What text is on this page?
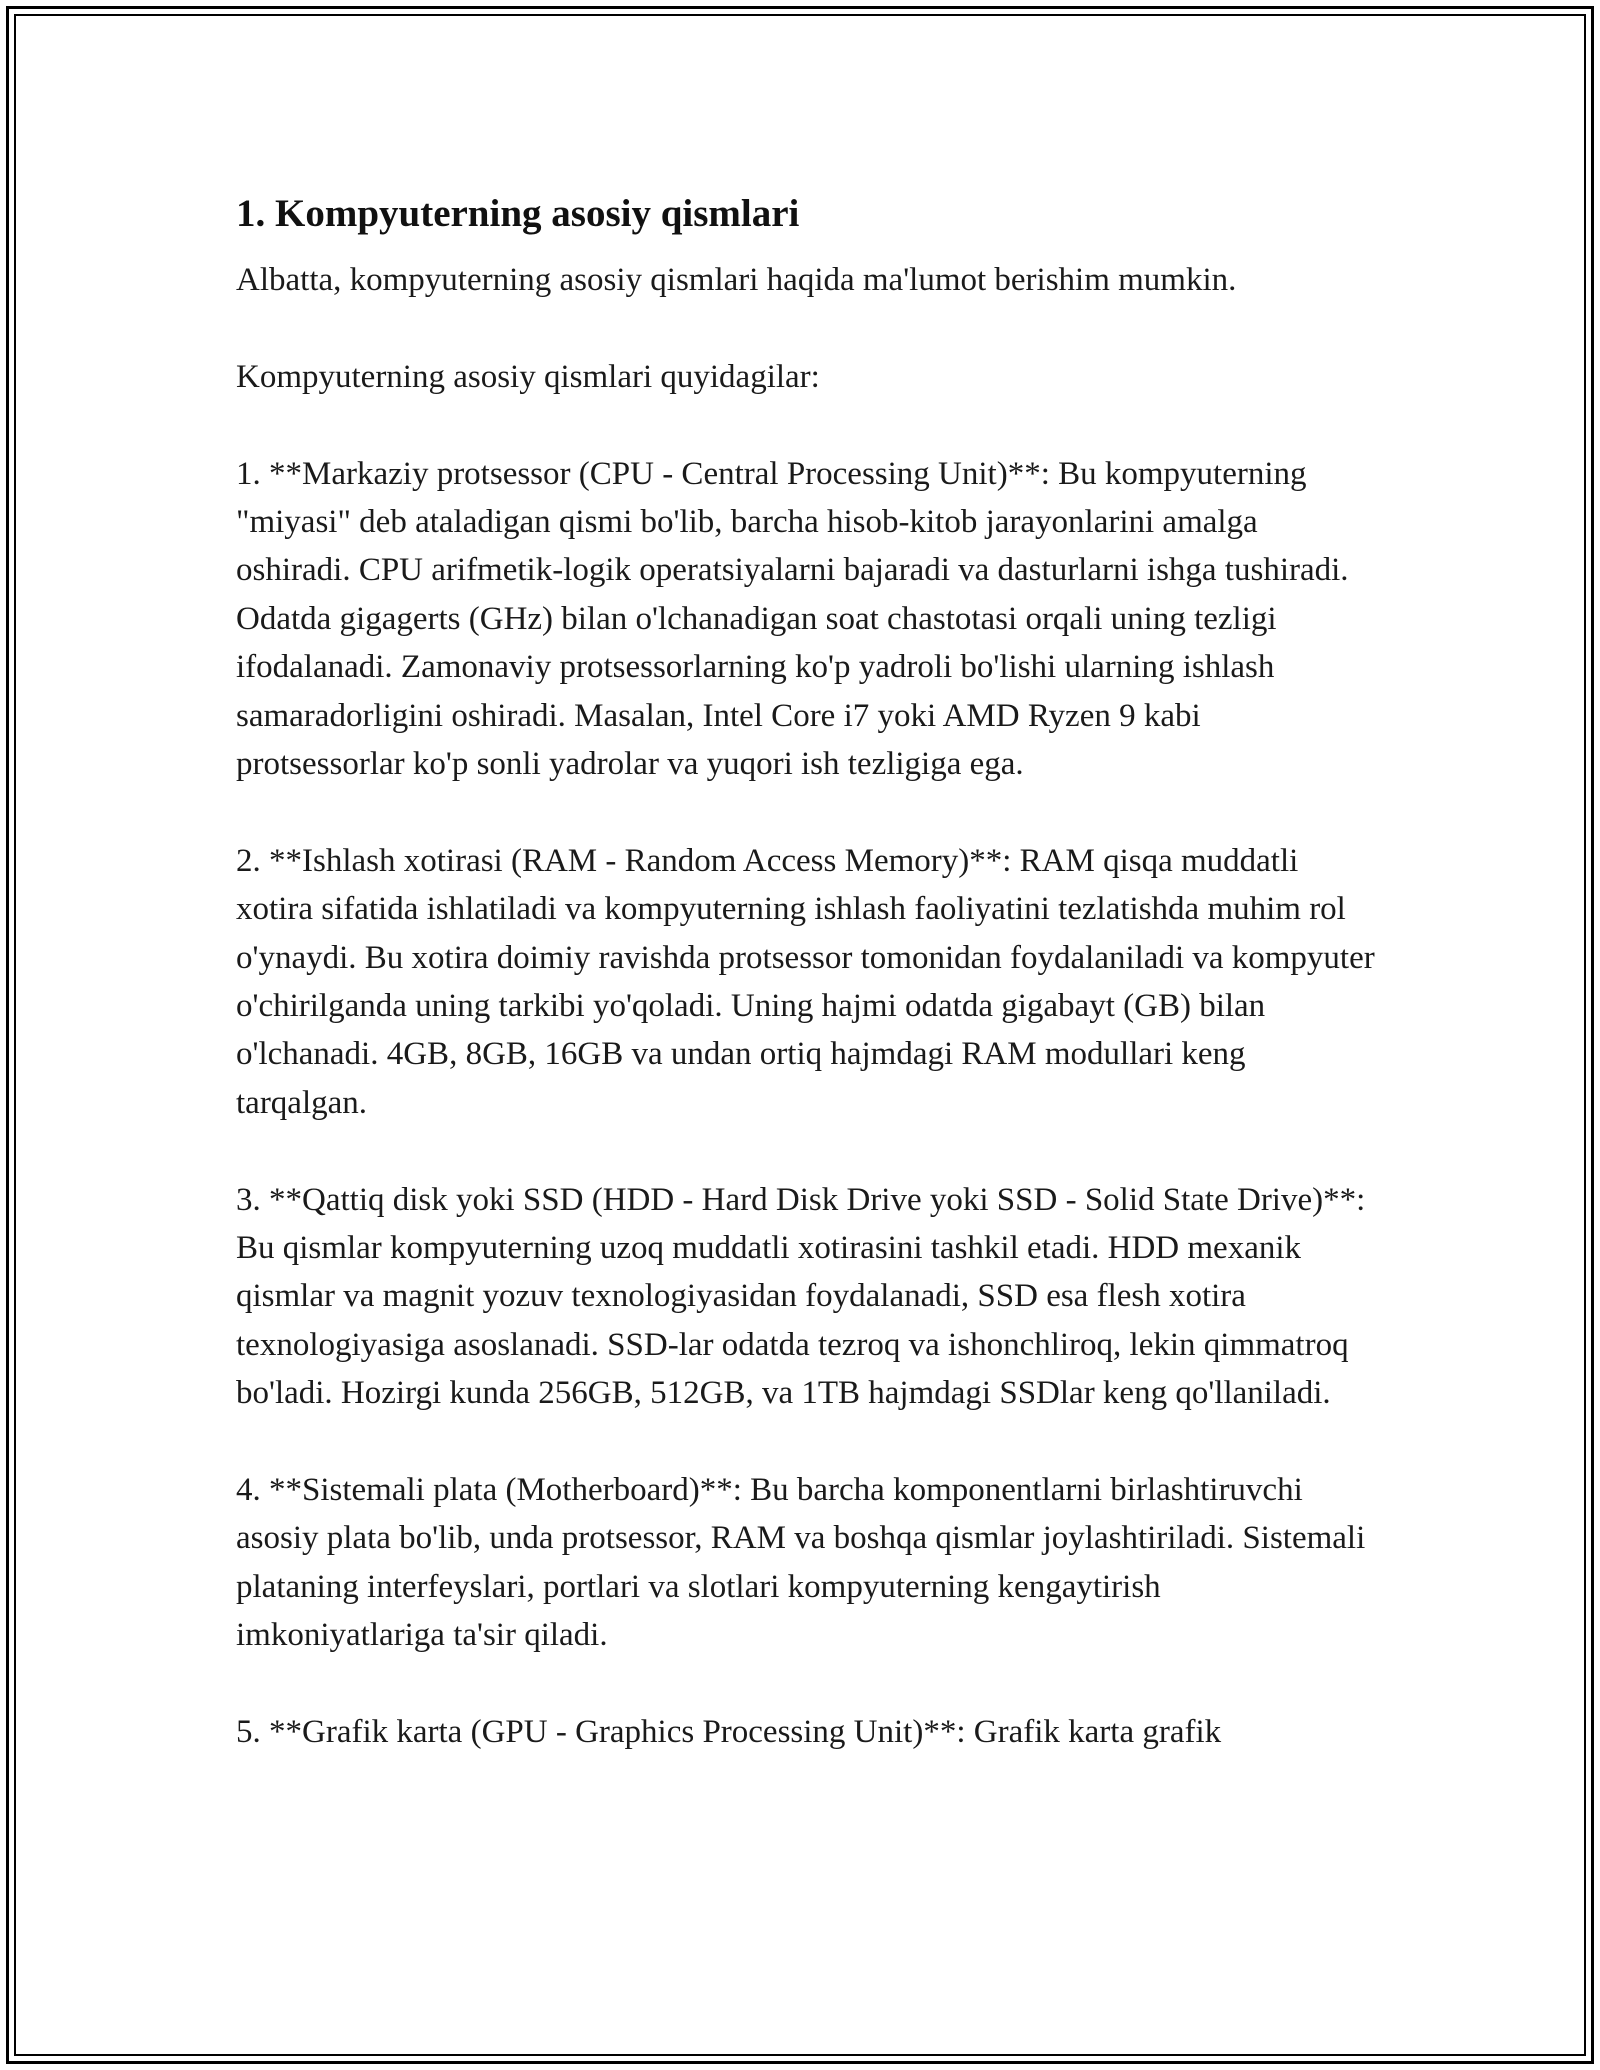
1. Kompyuterning asosiy qismlari

Albatta, kompyuterning asosiy qismlari haqida ma'lumot berishim mumkin.

Kompyuterning asosiy qismlari quyidagilar:

1. **Markaziy protsessor (CPU - Central Processing Unit)**: Bu kompyuterning "miyasi" deb ataladigan qismi bo'lib, barcha hisob-kitob jarayonlarini amalga oshiradi. CPU arifmetik-logik operatsiyalarni bajaradi va dasturlarni ishga tushiradi. Odatda gigagerts (GHz) bilan o'lchanadigan soat chastotasi orqali uning tezligi ifodalanadi. Zamonaviy protsessorlarning ko'p yadroli bo'lishi ularning ishlash samaradorligini oshiradi. Masalan, Intel Core i7 yoki AMD Ryzen 9 kabi protsessorlar ko'p sonli yadrolar va yuqori ish tezligiga ega.

2. **Ishlash xotirasi (RAM - Random Access Memory)**: RAM qisqa muddatli xotira sifatida ishlatiladi va kompyuterning ishlash faoliyatini tezlatishda muhim rol o'ynaydi. Bu xotira doimiy ravishda protsessor tomonidan foydalaniladi va kompyuter o'chirilganda uning tarkibi yo'qoladi. Uning hajmi odatda gigabayt (GB) bilan o'lchanadi. 4GB, 8GB, 16GB va undan ortiq hajmdagi RAM modullari keng tarqalgan.

3. **Qattiq disk yoki SSD (HDD - Hard Disk Drive yoki SSD - Solid State Drive)**: Bu qismlar kompyuterning uzoq muddatli xotirasini tashkil etadi. HDD mexanik qismlar va magnit yozuv texnologiyasidan foydalanadi, SSD esa flesh xotira texnologiyasiga asoslanadi. SSD-lar odatda tezroq va ishonchliroq, lekin qimmatroq bo'ladi. Hozirgi kunda 256GB, 512GB, va 1TB hajmdagi SSDlar keng qo'llaniladi.

4. **Sistemali plata (Motherboard)**: Bu barcha komponentlarni birlashtiruvchi asosiy plata bo'lib, unda protsessor, RAM va boshqa qismlar joylashtiriladi. Sistemali plataning interfeyslari, portlari va slotlari kompyuterning kengaytirish imkoniyatlariga ta'sir qiladi.

5. **Grafik karta (GPU - Graphics Processing Unit)**: Grafik karta grafik
